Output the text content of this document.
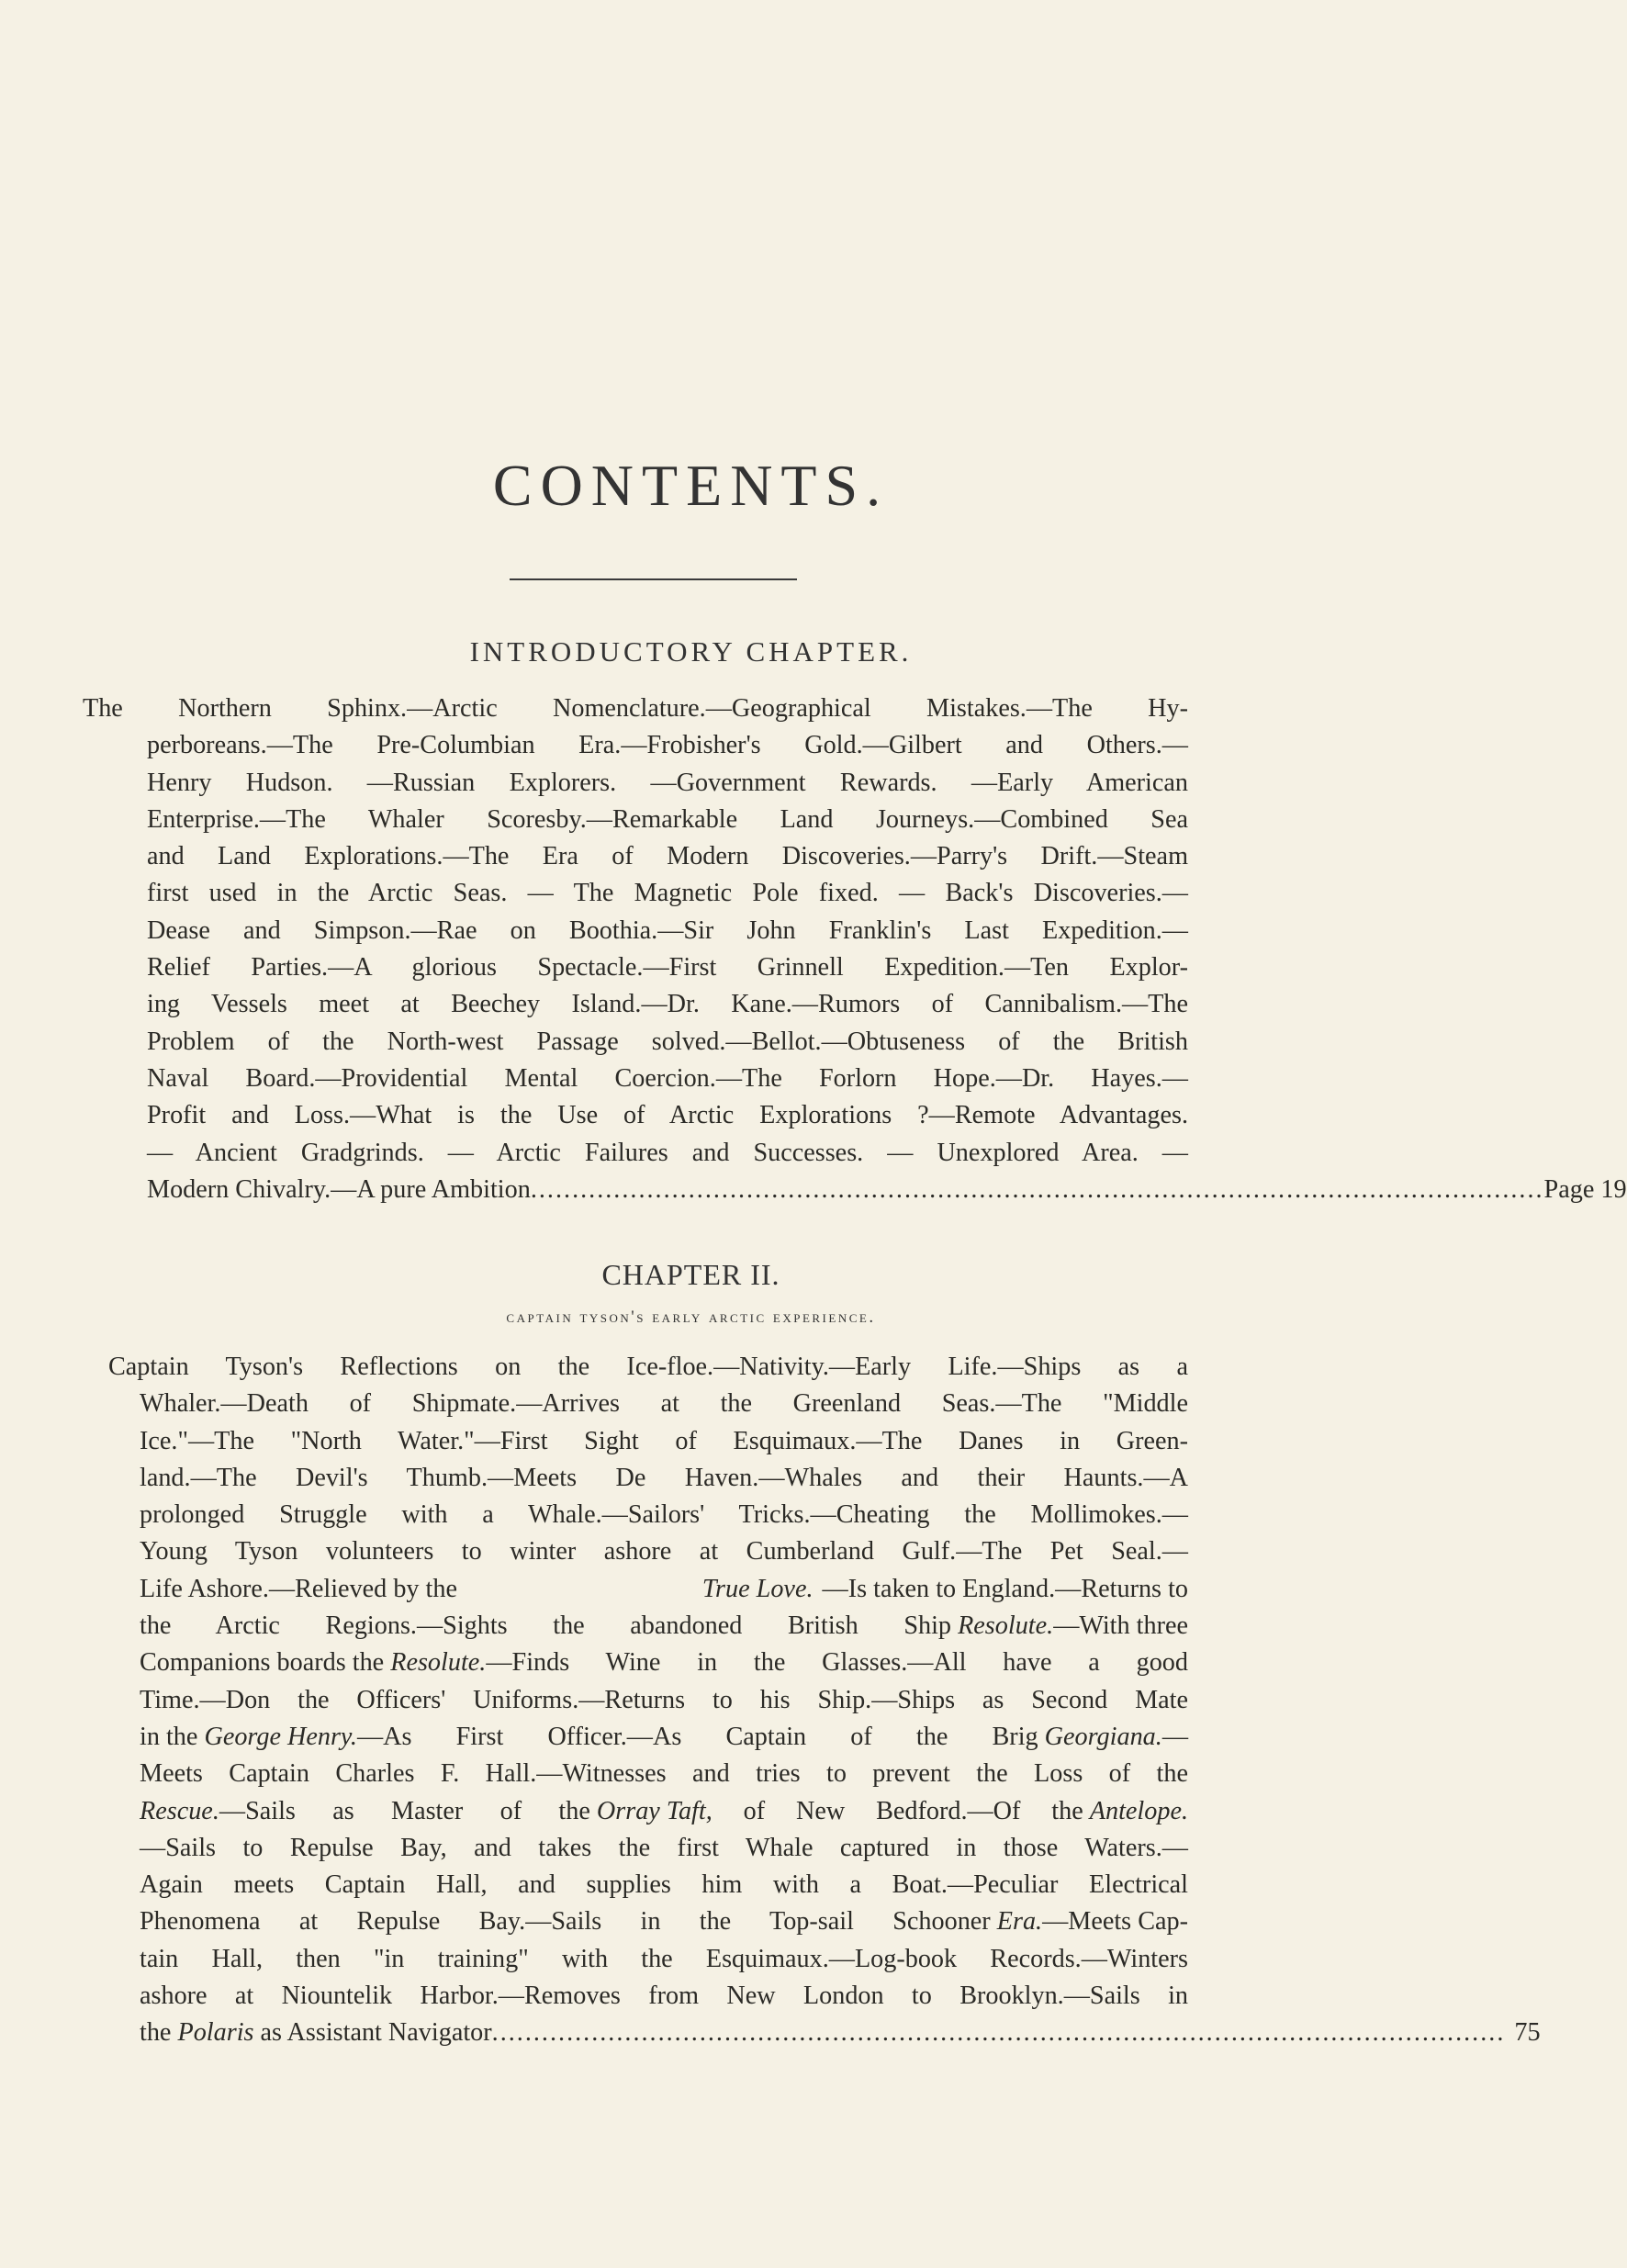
CONTENTS.
INTRODUCTORY CHAPTER.
The Northern Sphinx.—Arctic Nomenclature.—Geographical Mistakes.—The Hy-
perboreans.—The Pre-Columbian Era.—Frobisher's Gold.—Gilbert and Others.—
Henry Hudson. —Russian Explorers. —Government Rewards. —Early American
Enterprise.—The Whaler Scoresby.—Remarkable Land Journeys.—Combined Sea
and Land Explorations.—The Era of Modern Discoveries.—Parry's Drift.—Steam
first used in the Arctic Seas. — The Magnetic Pole fixed. — Back's Discoveries.—
Dease and Simpson.—Rae on Boothia.—Sir John Franklin's Last Expedition.—
Relief Parties.—A glorious Spectacle.—First Grinnell Expedition.—Ten Explor-
ing Vessels meet at Beechey Island.—Dr. Kane.—Rumors of Cannibalism.—The
Problem of the North-west Passage solved.—Bellot.—Obtuseness of the British
Naval Board.—Providential Mental Coercion.—The Forlorn Hope.—Dr. Hayes.—
Profit and Loss.—What is the Use of Arctic Explorations ?—Remote Advantages.
— Ancient Gradgrinds. — Arctic Failures and Successes. — Unexplored Area. —
Modern Chivalry.—A pure Ambition .......................................................................................................................... Page 19
CHAPTER II.
captain tyson's early arctic experience.
Captain Tyson's Reflections on the Ice-floe.—Nativity.—Early Life.—Ships as a
Whaler.—Death of Shipmate.—Arrives at the Greenland Seas.—The "Middle
Ice."—The "North Water."—First Sight of Esquimaux.—The Danes in Green-
land.—The Devil's Thumb.—Meets De Haven.—Whales and their Haunts.—A
prolonged Struggle with a Whale.—Sailors' Tricks.—Cheating the Mollimokes.—
Young Tyson volunteers to winter ashore at Cumberland Gulf.—The Pet Seal.—
Life Ashore.—Relieved by the	True Love. —Is taken to England.—Returns to
the Arctic Regions.—Sights the abandoned British Ship Resolute. —With three
Companions boards the Resolute. —Finds Wine in the Glasses.—All have a good
Time.—Don the Officers' Uniforms.—Returns to his Ship.—Ships as Second Mate
in the George Henry. —As First Officer.—As Captain of the Brig Georgiana. —
Meets Captain Charles F. Hall.—Witnesses and tries to prevent the Loss of the
Rescue. —Sails as Master of the Orray Taft, of New Bedford.—Of the Antelope.
—Sails to Repulse Bay, and takes the first Whale captured in those Waters.—
Again meets Captain Hall, and supplies him with a Boat.—Peculiar Electrical
Phenomena at Repulse Bay.—Sails in the Top-sail Schooner Era. —Meets Cap-
tain Hall, then "in training" with the Esquimaux.—Log-book Records.—Winters
ashore at Niountelik Harbor.—Removes from New London to Brooklyn.—Sails in
the Polaris as Assistant Navigator .......................................................................................................................... 75
